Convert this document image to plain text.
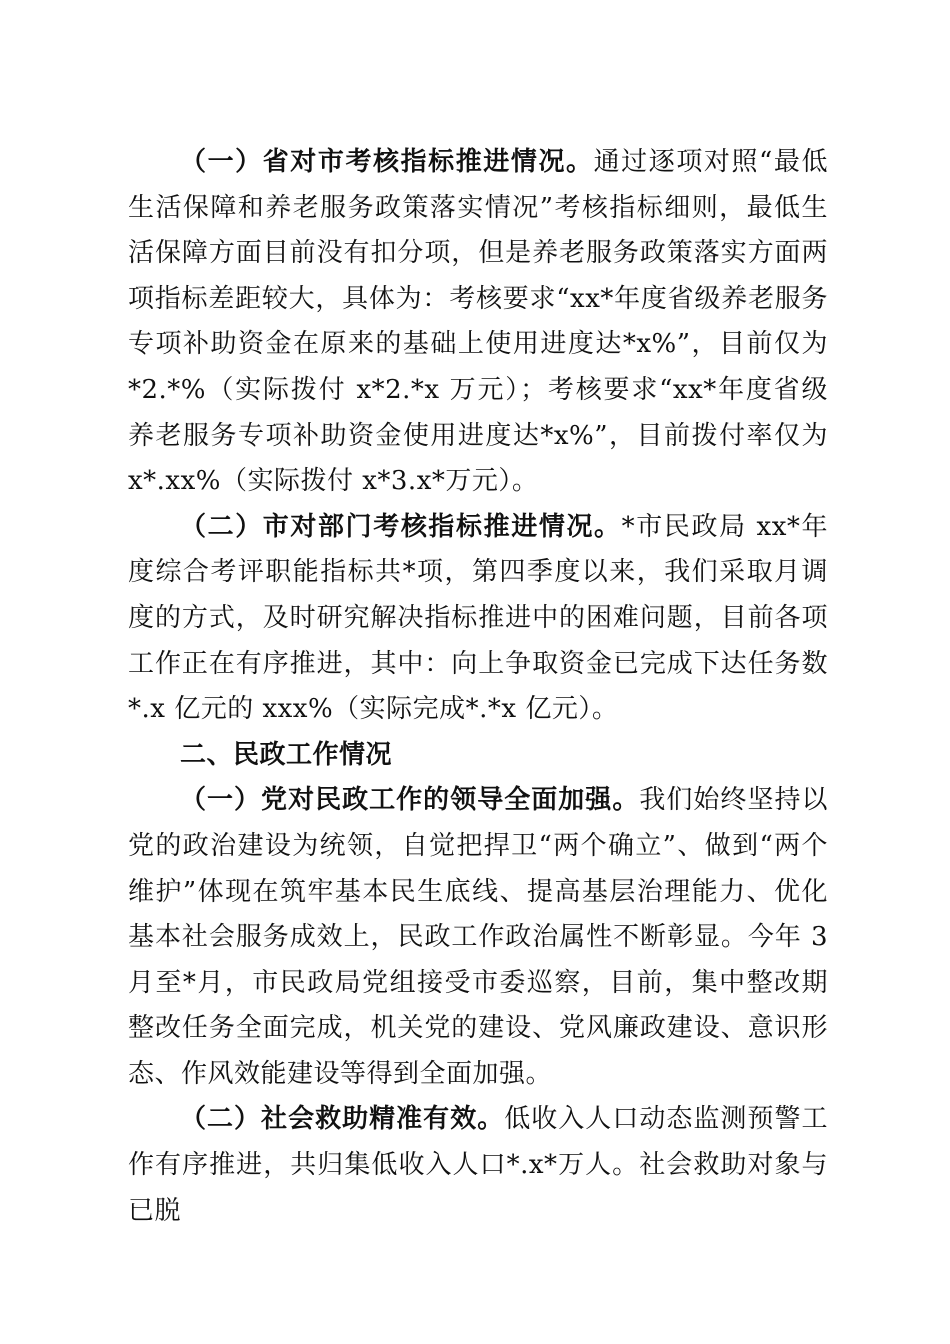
（一）省对市考核指标推进情况。通过逐项对照“最低生活保障和养老服务政策落实情况”考核指标细则，最低生活保障方面目前没有扣分项，但是养老服务政策落实方面两项指标差距较大，具体为：考核要求“xx*年度省级养老服务专项补助资金在原来的基础上使用进度达*x%”，目前仅为*2.*%（实际拨付 x*2.*x 万元）；考核要求“xx*年度省级养老服务专项补助资金使用进度达*x%”，目前拨付率仅为 x*.xx%（实际拨付 x*3.x*万元）。

（二）市对部门考核指标推进情况。*市民政局 xx*年度综合考评职能指标共*项，第四季度以来，我们采取月调度的方式，及时研究解决指标推进中的困难问题，目前各项工作正在有序推进，其中：向上争取资金已完成下达任务数*.x 亿元的 xxx%（实际完成*.*x 亿元）。

二、民政工作情况

（一）党对民政工作的领导全面加强。我们始终坚持以党的政治建设为统领，自觉把捍卫“两个确立”、做到“两个维护”体现在筑牢基本民生底线、提高基层治理能力、优化基本社会服务成效上，民政工作政治属性不断彰显。今年 3 月至*月，市民政局党组接受市委巡察，目前，集中整改期整改任务全面完成，机关党的建设、党风廉政建设、意识形态、作风效能建设等得到全面加强。

（二）社会救助精准有效。低收入人口动态监测预警工作有序推进，共归集低收入人口*.x*万人。社会救助对象与已脱
